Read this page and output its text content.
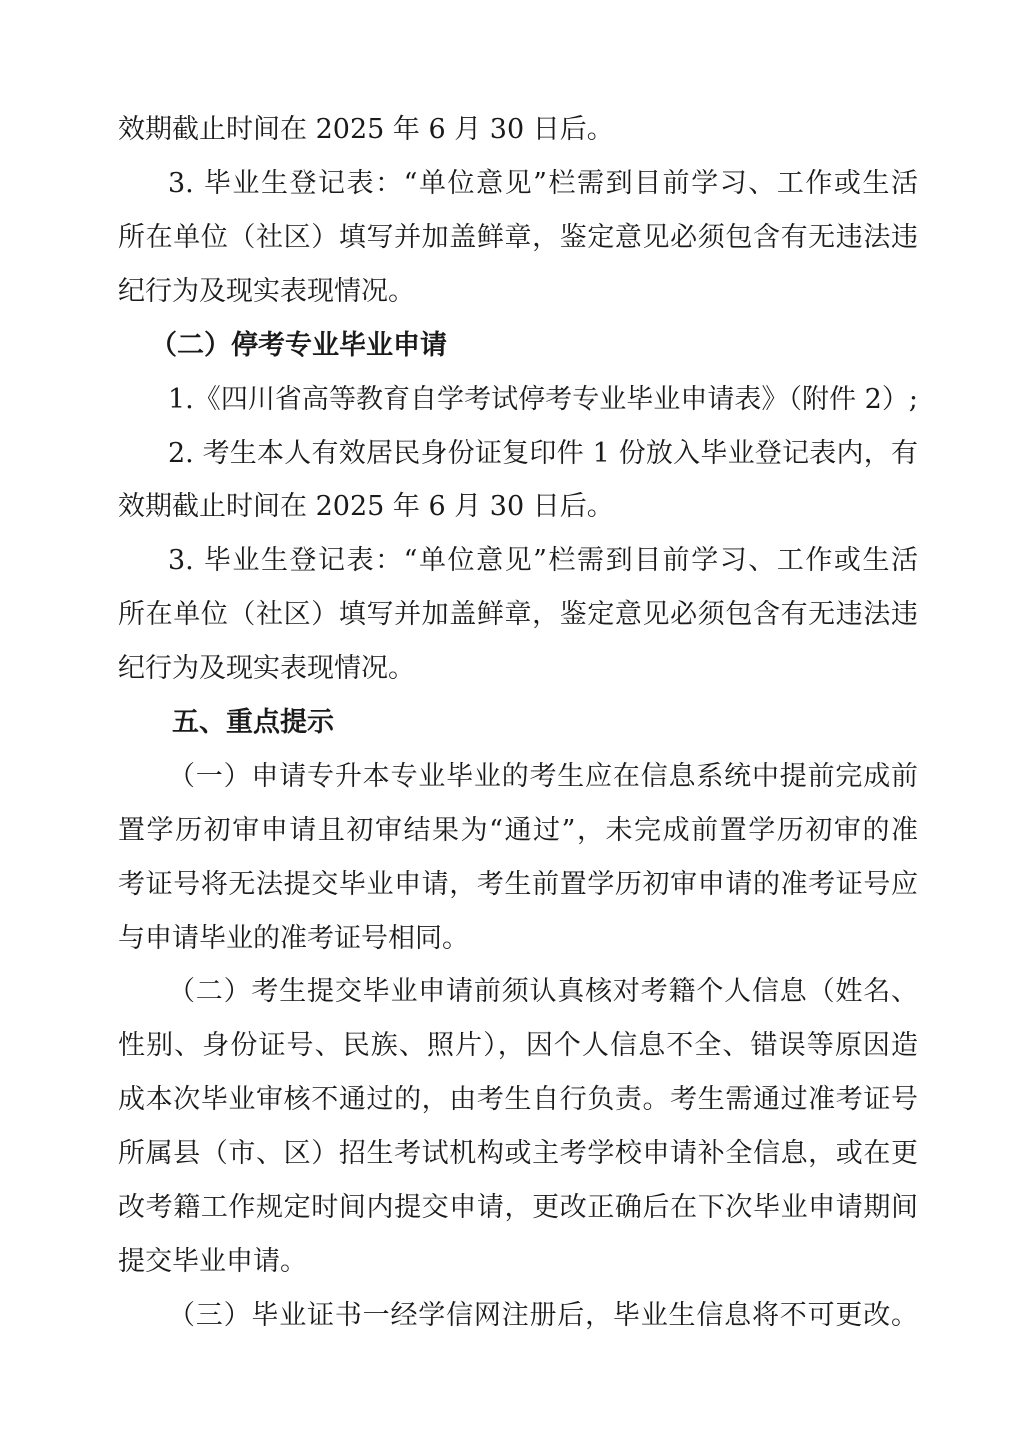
效期截止时间在 2025 年 6 月 30 日后。
3. 毕业生登记表：“单位意见”栏需到目前学习、工作或生活
所在单位（社区）填写并加盖鲜章，鉴定意见必须包含有无违法违
纪行为及现实表现情况。
（二）停考专业毕业申请
1.《四川省高等教育自学考试停考专业毕业申请表》（附件 2）;
2. 考生本人有效居民身份证复印件 1 份放入毕业登记表内，有
效期截止时间在 2025 年 6 月 30 日后。
3. 毕业生登记表：“单位意见”栏需到目前学习、工作或生活
所在单位（社区）填写并加盖鲜章，鉴定意见必须包含有无违法违
纪行为及现实表现情况。
五、重点提示
（一）申请专升本专业毕业的考生应在信息系统中提前完成前
置学历初审申请且初审结果为“通过”，未完成前置学历初审的准
考证号将无法提交毕业申请，考生前置学历初审申请的准考证号应
与申请毕业的准考证号相同。
（二）考生提交毕业申请前须认真核对考籍个人信息（姓名、
性别、身份证号、民族、照片），因个人信息不全、错误等原因造
成本次毕业审核不通过的，由考生自行负责。考生需通过准考证号
所属县（市、区）招生考试机构或主考学校申请补全信息，或在更
改考籍工作规定时间内提交申请，更改正确后在下次毕业申请期间
提交毕业申请。
（三）毕业证书一经学信网注册后，毕业生信息将不可更改。
